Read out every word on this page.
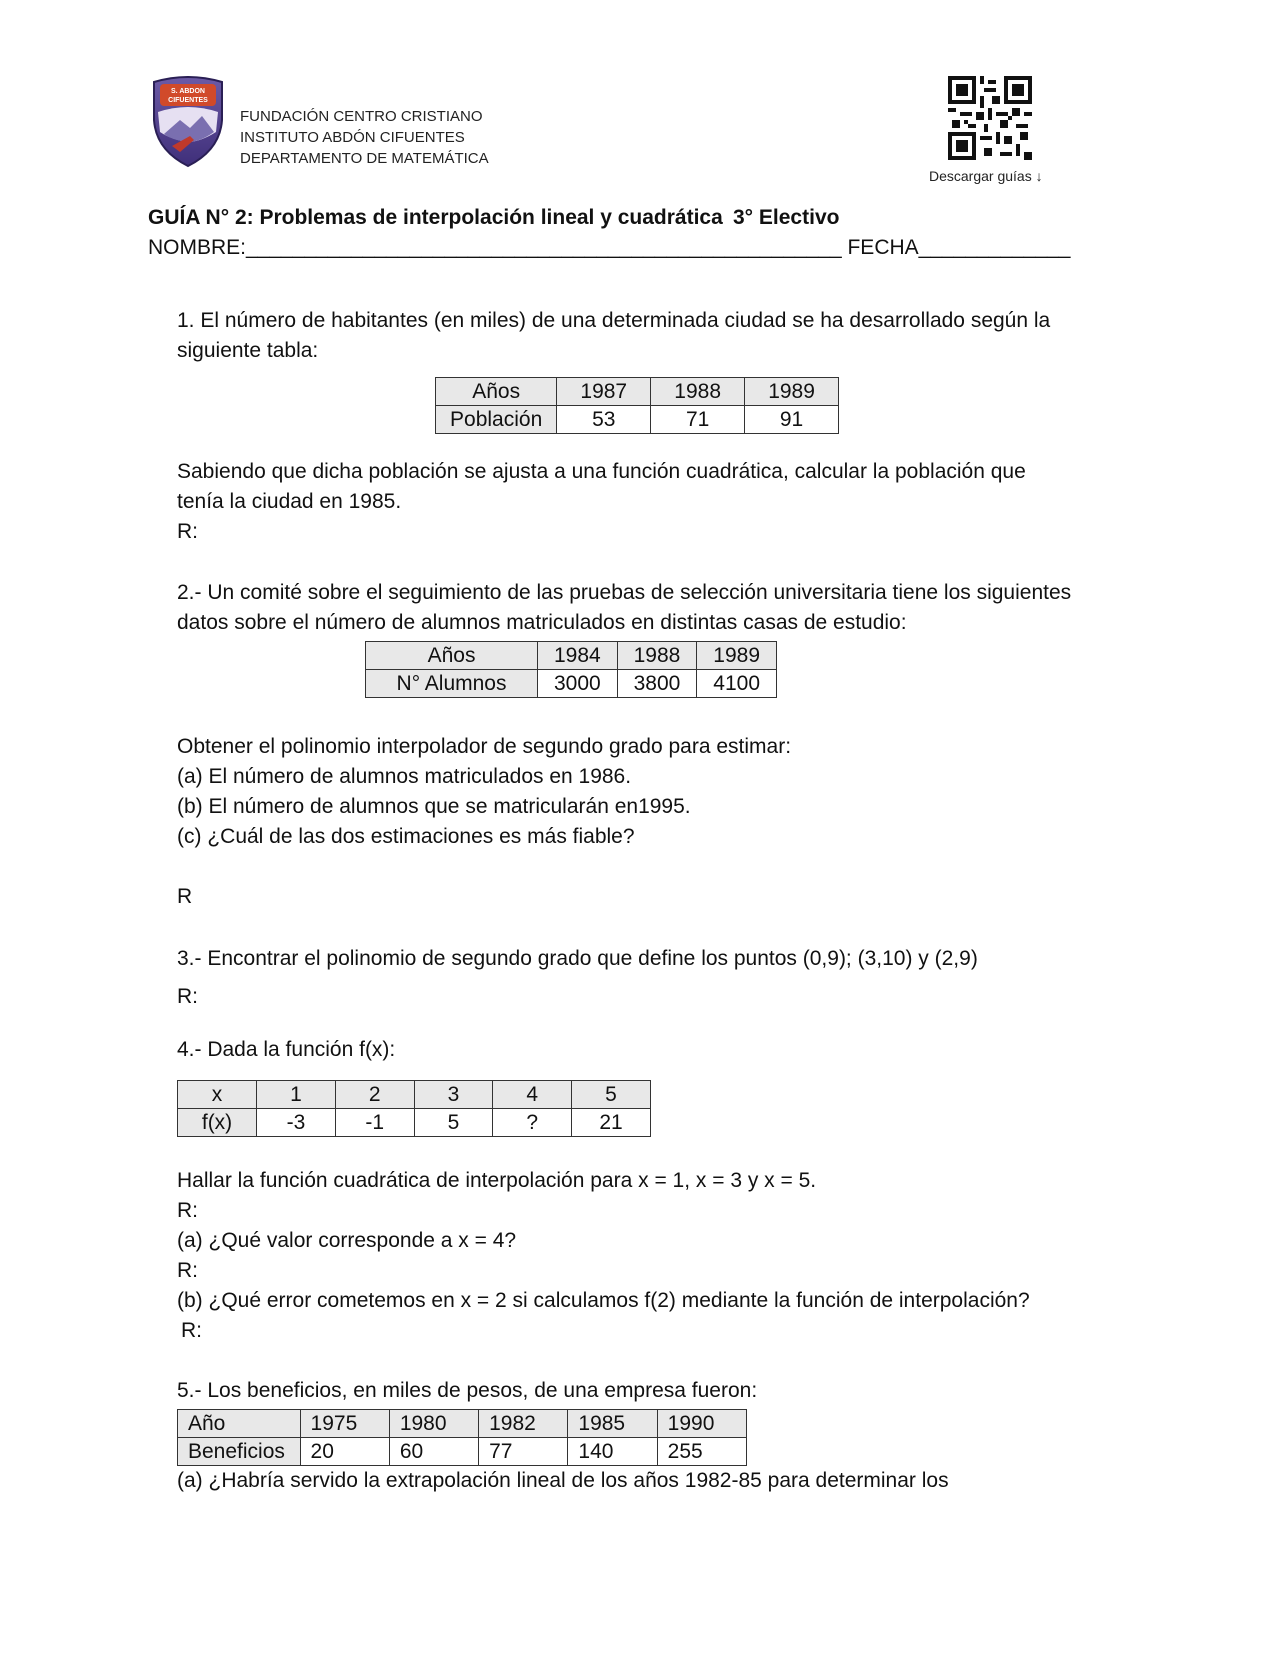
S. ABDON
CIFUENTES
FUNDACIÓN CENTRO CRISTIANO
INSTITUTO ABDÓN CIFUENTES
DEPARTAMENTO DE MATEMÁTICA
Descargar guías ↓
GUÍA N° 2: Problemas de interpolación lineal y cuadrática 3° Electivo
NOMBRE:___________________________________________________ FECHA_____________
1. El número de habitantes (en miles) de una determinada ciudad se ha desarrollado según la
siguiente tabla:
Años	1987	1988	1989
Población	53	71	91
Sabiendo que dicha población se ajusta a una función cuadrática, calcular la población que
tenía la ciudad en 1985.
R:
2.- Un comité sobre el seguimiento de las pruebas de selección universitaria tiene los siguientes
datos sobre el número de alumnos matriculados en distintas casas de estudio:
Años	1984	1988	1989
N° Alumnos	3000	3800	4100
Obtener el polinomio interpolador de segundo grado para estimar:
(a) El número de alumnos matriculados en 1986.
(b) El número de alumnos que se matricularán en1995.
(c) ¿Cuál de las dos estimaciones es más fiable?
R
3.- Encontrar el polinomio de segundo grado que define los puntos (0,9); (3,10) y (2,9)
R:
4.- Dada la función f(x):
x	1	2	3	4	5
f(x)	-3	-1	5	?	21
Hallar la función cuadrática de interpolación para x = 1, x = 3 y x = 5.
R:
(a) ¿Qué valor corresponde a x = 4?
R:
(b) ¿Qué error cometemos en x = 2 si calculamos f(2) mediante la función de interpolación?
R:
5.- Los beneficios, en miles de pesos, de una empresa fueron:
Año	1975	1980	1982	1985	1990
Beneficios	20	60	77	140	255
(a) ¿Habría servido la extrapolación lineal de los años 1982-85 para determinar los
